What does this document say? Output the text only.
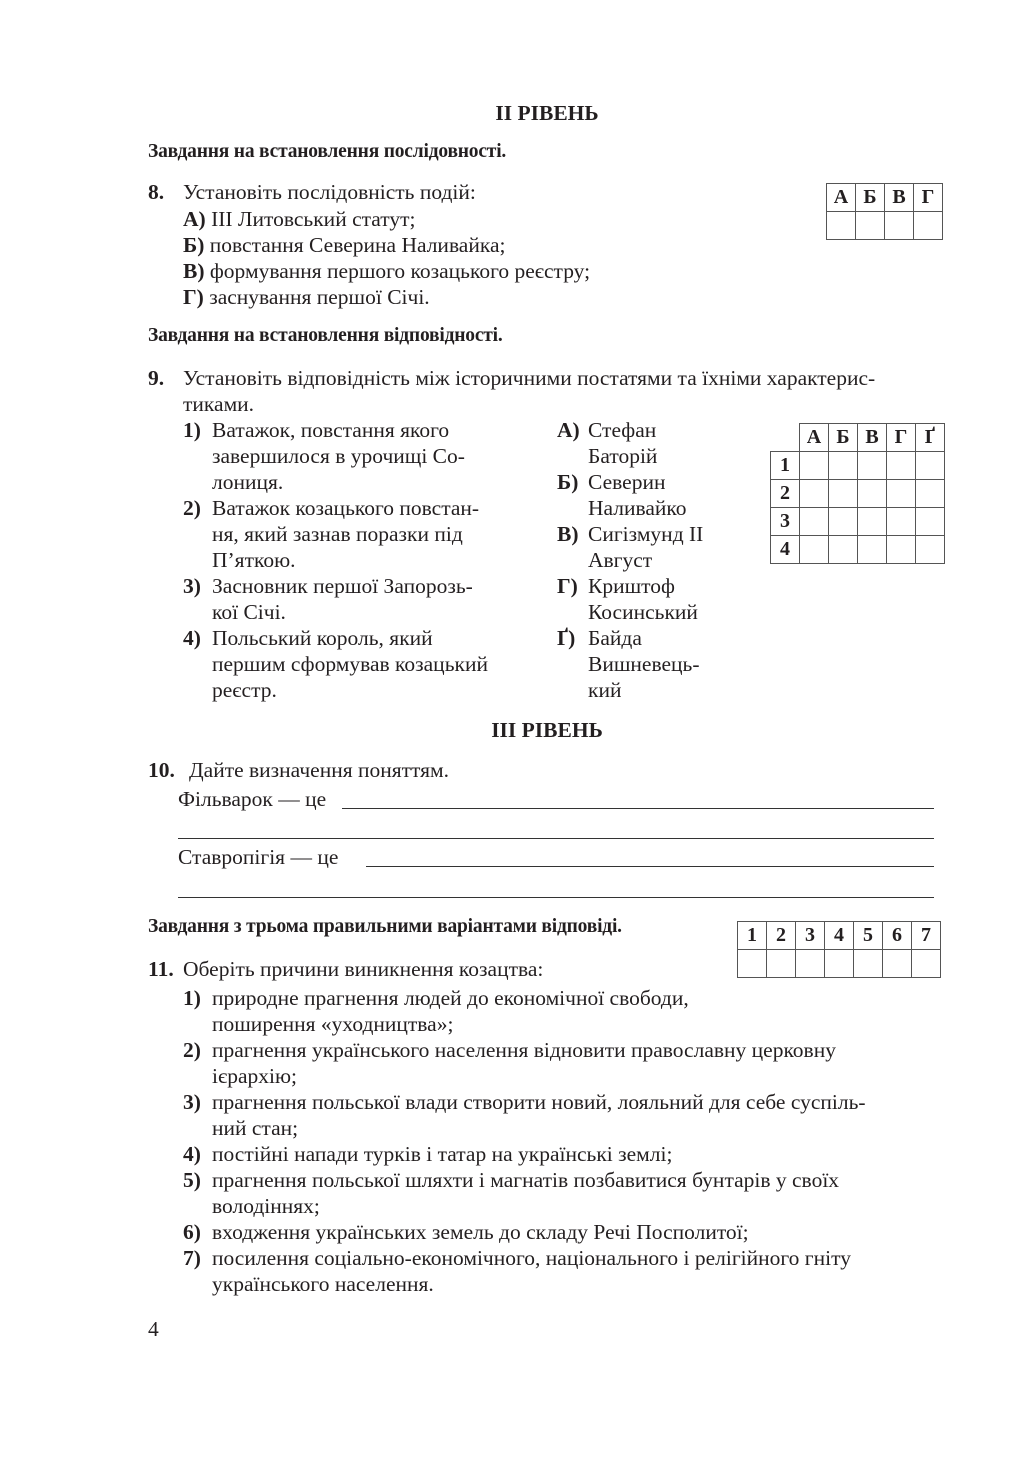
II РІВЕНЬ
Завдання на встановлення послідовності.
8. Установіть послідовність подій:
А) ІІІ Литовський статут;
Б) повстання Северина Наливайка;
В) формування першого козацького реєстру;
Г) заснування першої Січі.
А	Б	В	Г

Завдання на встановлення відповідності.
9. Установіть відповідність між історичними постатями та їхніми характерис-
тиками.
1) Ватажок, повстання якого
завершилося в урочищі Со-
лониця.
2) Ватажок козацького повстан-
ня, який зазнав поразки під
П’яткою.
3) Засновник першої Запорозь-
кої Січі.
4) Польський король, який
першим сформував козацький
реєстр.
А) Стефан
Баторій
Б) Северин
Наливайко
В) Сигізмунд II
Август
Г) Криштоф
Косинський
Ґ) Байда
Вишневець-
кий
	А	Б	В	Г	Ґ
1					
2					
3					
4					
ІІІ РІВЕНЬ
10. Дайте визначення поняттям.
Фільварок — це
Ставропігія — це
Завдання з трьома правильними варіантами відповіді.	1	2	3	4	5	6	7

11. Оберіть причини виникнення козацтва:
1) природне прагнення людей до економічної свободи,
поширення «уходництва»;
2) прагнення українського населення відновити православну церковну
ієрархію;
3) прагнення польської влади створити новий, лояльний для себе суспіль-
ний стан;
4) постійні напади турків і татар на українські землі;
5) прагнення польської шляхти і магнатів позбавитися бунтарів у своїх
володіннях;
6) входження українських земель до складу Речі Посполитої;
7) посилення соціально-економічного, національного і релігійного гніту
українського населення.
4
